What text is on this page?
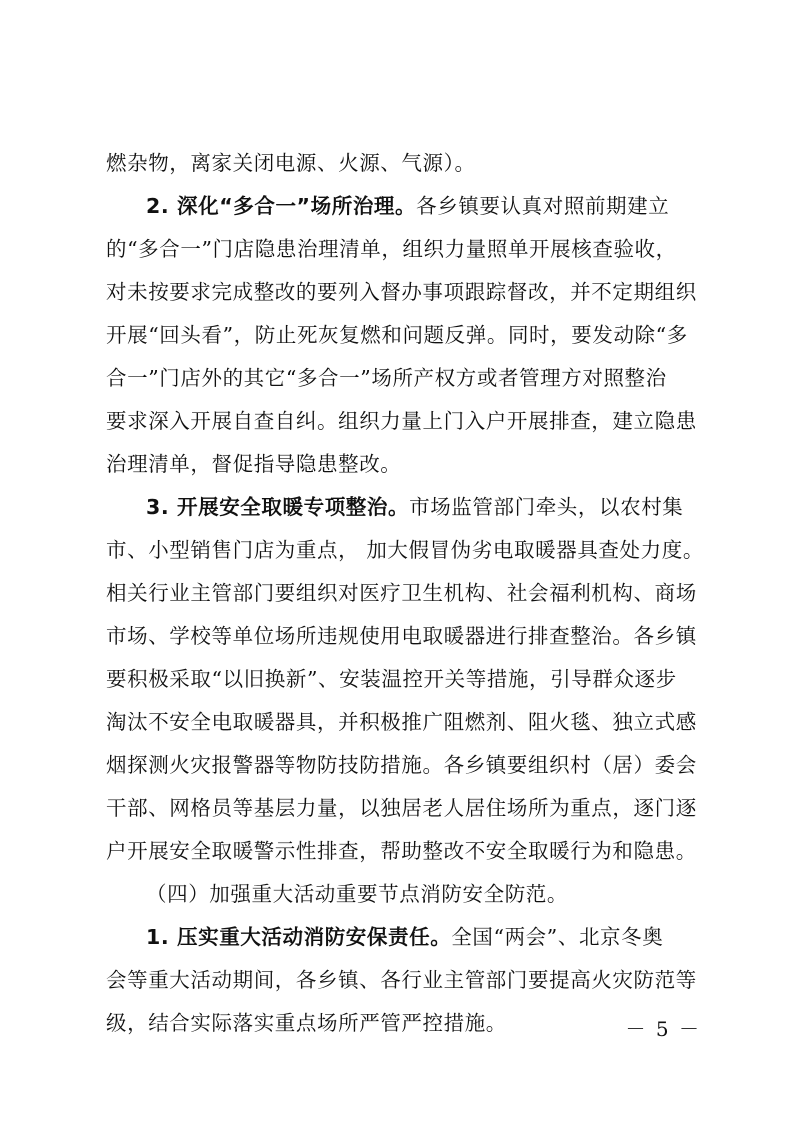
燃杂物，离家关闭电源、火源、气源）。
2. 深化“多合一”场所治理。各乡镇要认真对照前期建立
的“多合一”门店隐患治理清单，组织力量照单开展核查验收，
对未按要求完成整改的要列入督办事项跟踪督改，并不定期组织
开展“回头看”，防止死灰复燃和问题反弹。同时，要发动除“多
合一”门店外的其它“多合一”场所产权方或者管理方对照整治
要求深入开展自查自纠。组织力量上门入户开展排查，建立隐患
治理清单，督促指导隐患整改。
3. 开展安全取暖专项整治。市场监管部门牵头，以农村集
市、小型销售门店为重点， 加大假冒伪劣电取暖器具查处力度。
相关行业主管部门要组织对医疗卫生机构、社会福利机构、商场
市场、学校等单位场所违规使用电取暖器进行排查整治。各乡镇
要积极采取“以旧换新”、安装温控开关等措施，引导群众逐步
淘汰不安全电取暖器具，并积极推广阻燃剂、阻火毯、独立式感
烟探测火灾报警器等物防技防措施。各乡镇要组织村（居）委会
干部、网格员等基层力量，以独居老人居住场所为重点，逐门逐
户开展安全取暖警示性排查，帮助整改不安全取暖行为和隐患。
（四）加强重大活动重要节点消防安全防范。
1. 压实重大活动消防安保责任。全国“两会”、北京冬奥
会等重大活动期间，各乡镇、各行业主管部门要提高火灾防范等
级，结合实际落实重点场所严管严控措施。	－ 5 －
